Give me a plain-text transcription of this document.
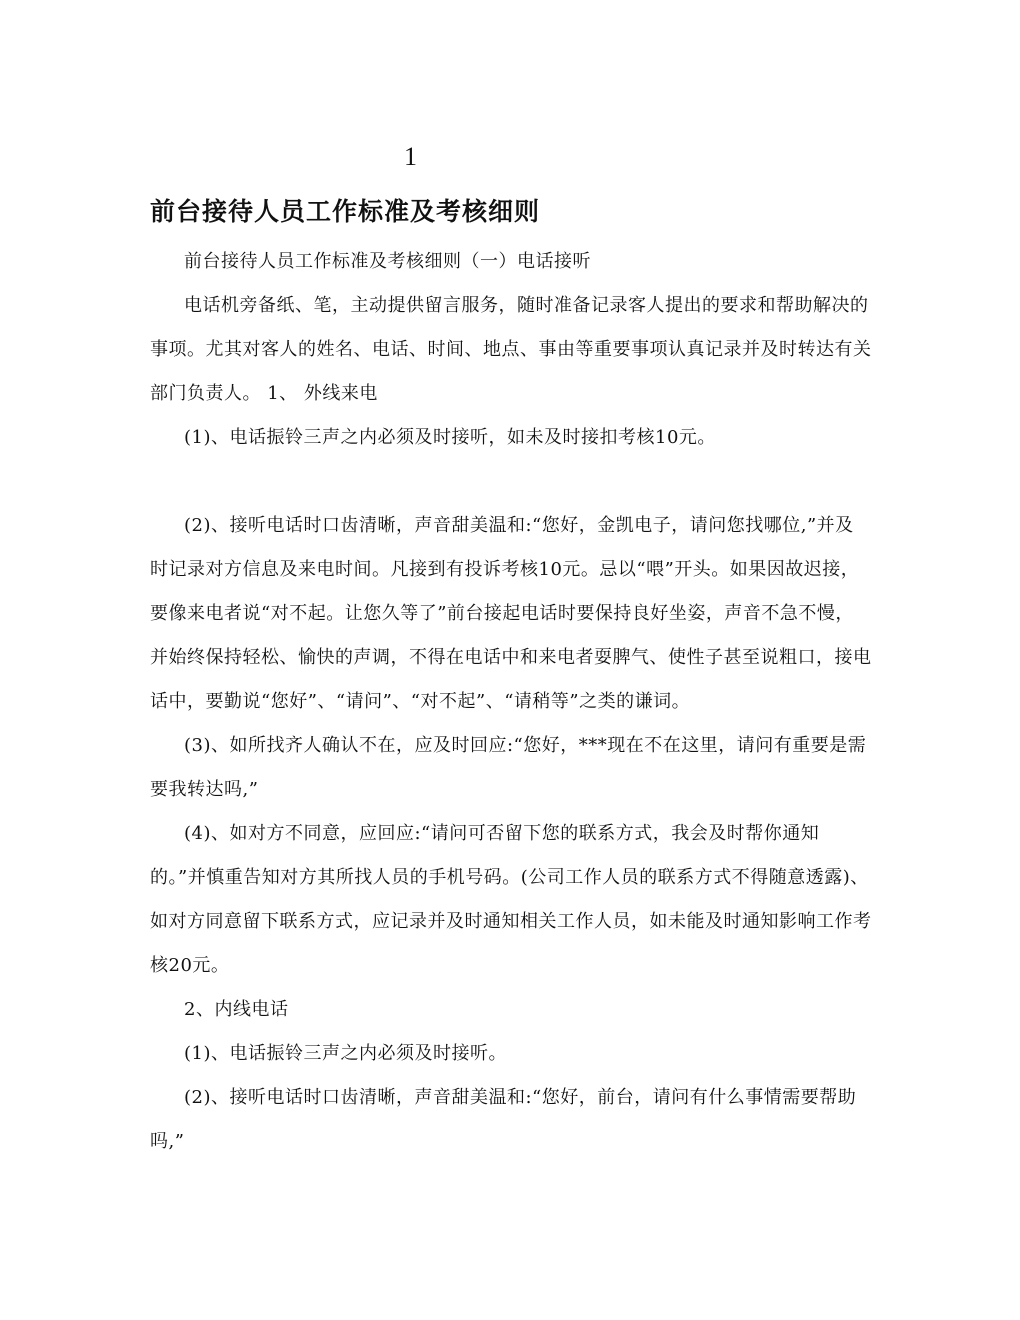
1
前台接待人员工作标准及考核细则

前台接待人员工作标准及考核细则（一）电话接听

电话机旁备纸、笔，主动提供留言服务，随时准备记录客人提出的要求和帮助解决的事项。尤其对客人的姓名、电话、时间、地点、事由等重要事项认真记录并及时转达有关部门负责人。 1、 外线来电

(1)、电话振铃三声之内必须及时接听，如未及时接扣考核10元。

(2)、接听电话时口齿清晰，声音甜美温和:“您好，金凯电子，请问您找哪位,”并及时记录对方信息及来电时间。凡接到有投诉考核10元。忌以“喂”开头。如果因故迟接，要像来电者说“对不起。让您久等了”前台接起电话时要保持良好坐姿，声音不急不慢，并始终保持轻松、愉快的声调，不得在电话中和来电者耍脾气、使性子甚至说粗口，接电话中，要勤说“您好”、“请问”、“对不起”、“请稍等”之类的谦词。

(3)、如所找齐人确认不在，应及时回应:“您好，***现在不在这里，请问有重要是需要我转达吗,”

(4)、如对方不同意，应回应:“请问可否留下您的联系方式，我会及时帮你通知的。”并慎重告知对方其所找人员的手机号码。(公司工作人员的联系方式不得随意透露)、如对方同意留下联系方式，应记录并及时通知相关工作人员，如未能及时通知影响工作考核20元。

2、内线电话

(1)、电话振铃三声之内必须及时接听。

(2)、接听电话时口齿清晰，声音甜美温和:“您好，前台，请问有什么事情需要帮助吗,”
